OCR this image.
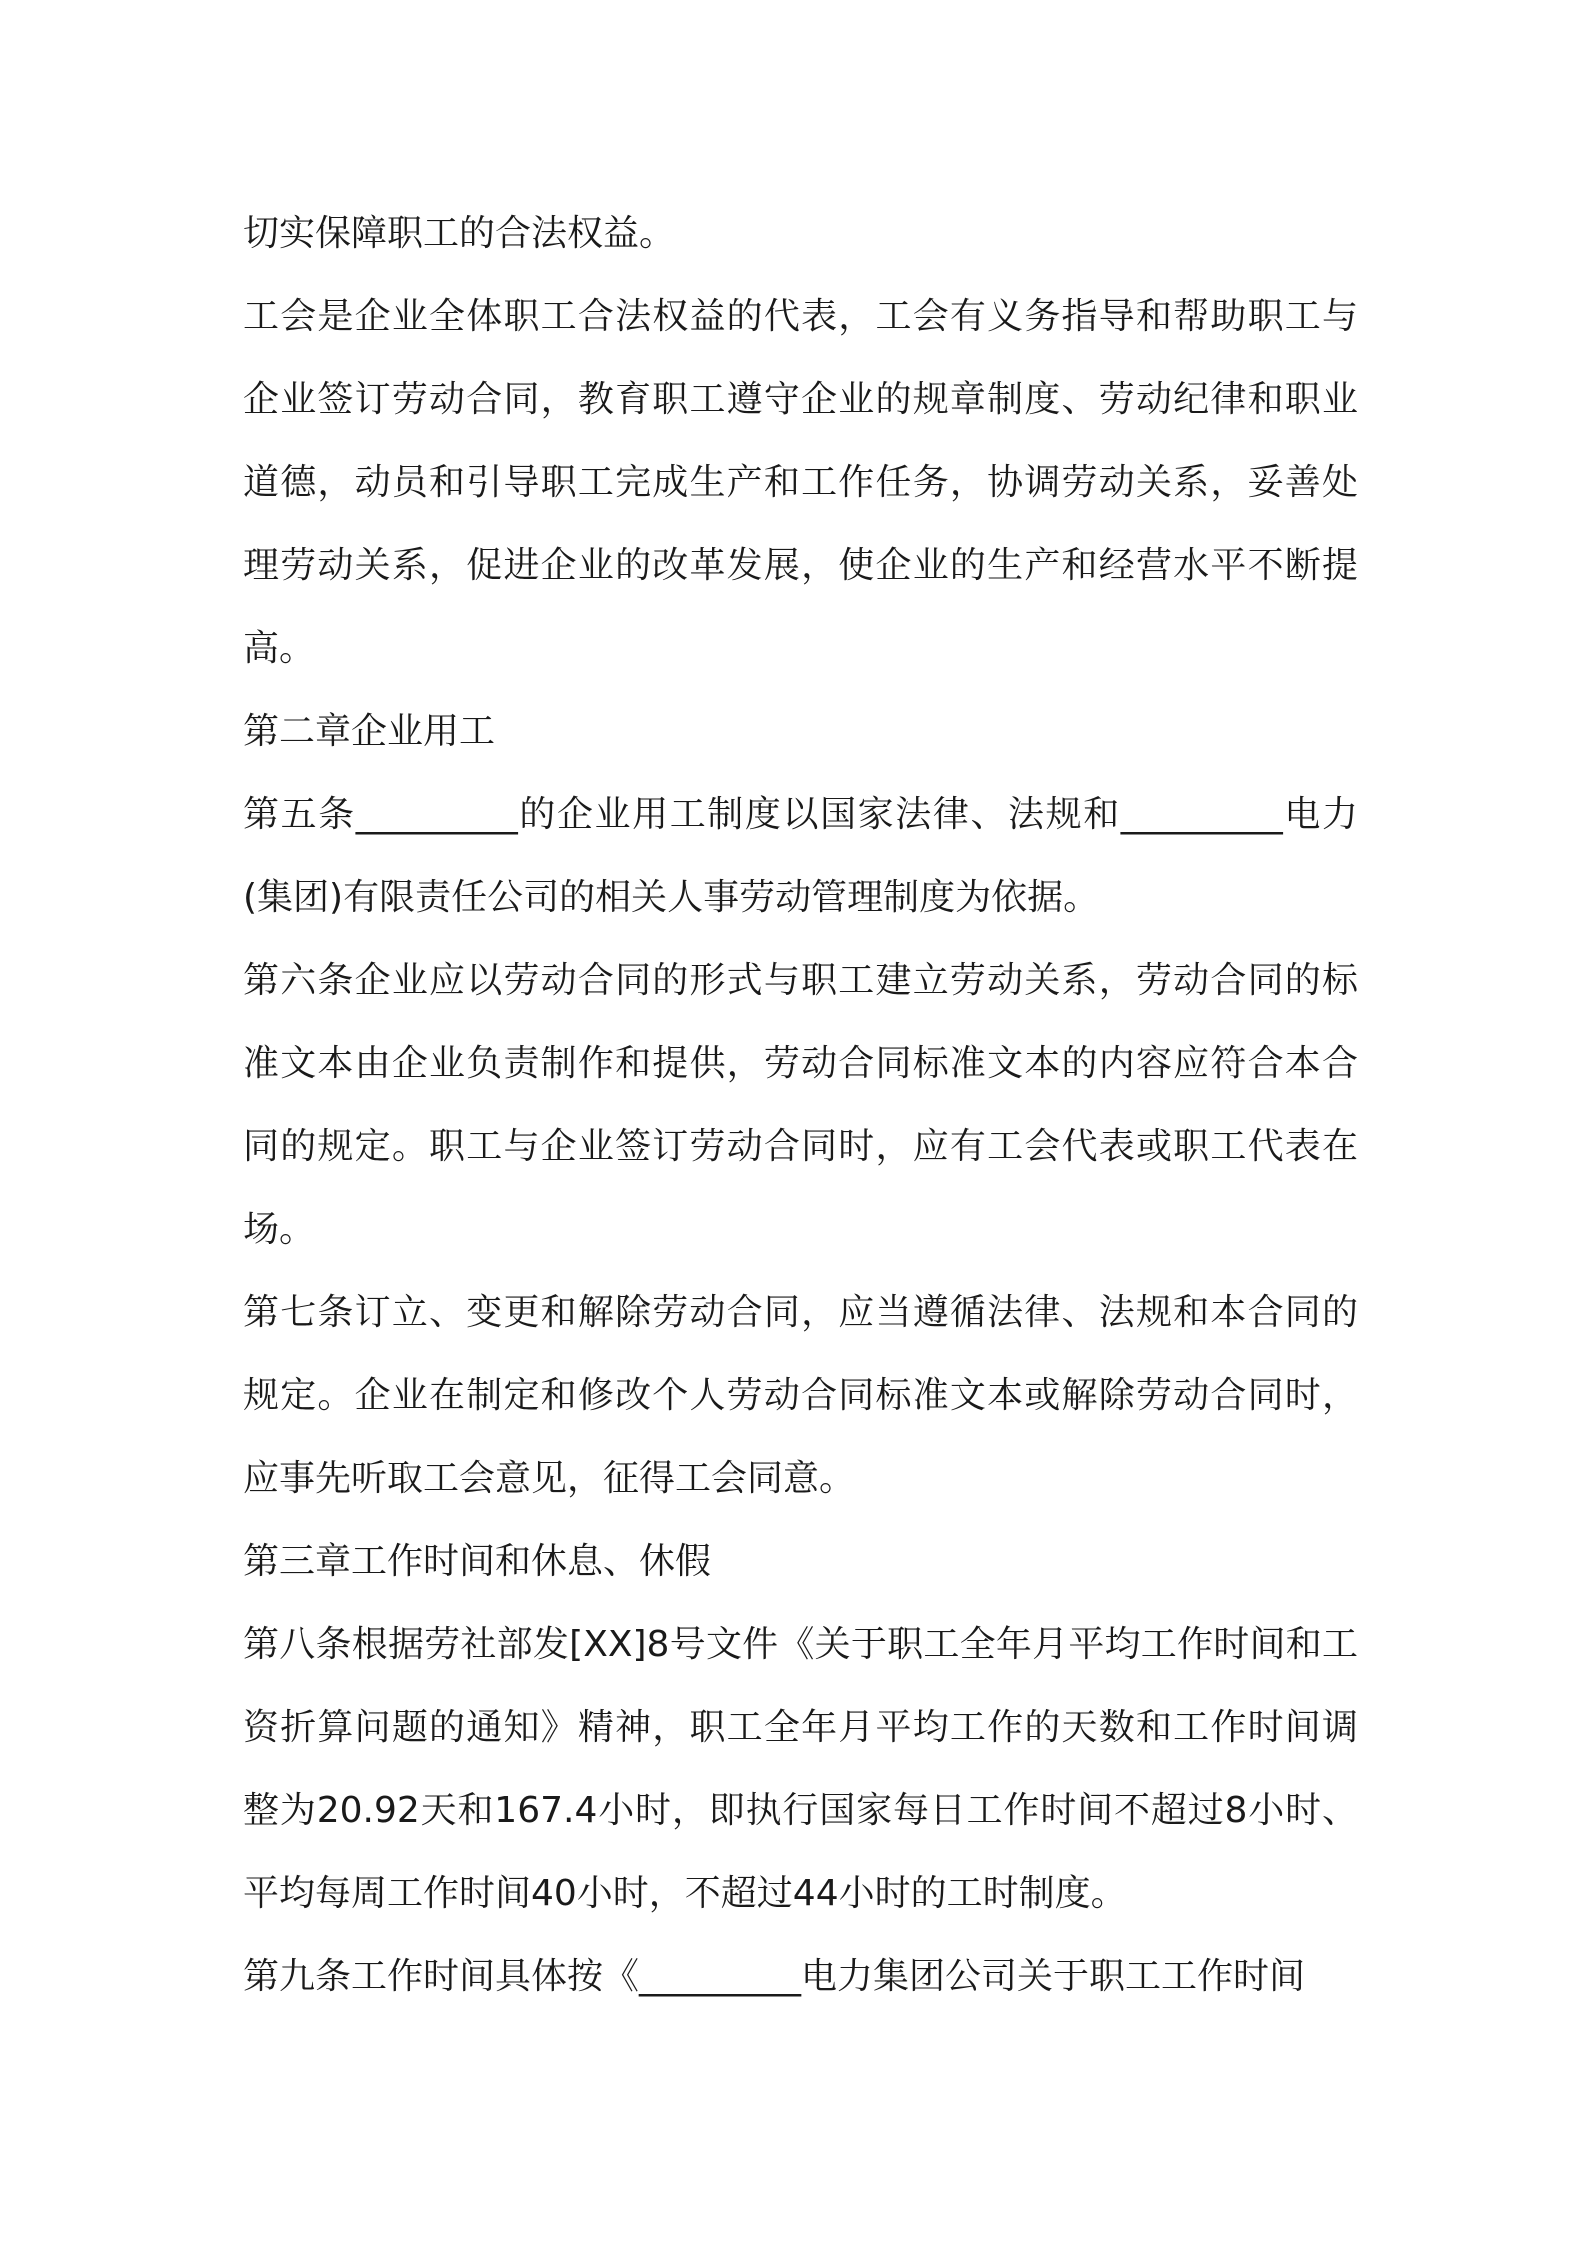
切实保障职工的合法权益。

工会是企业全体职工合法权益的代表，工会有义务指导和帮助职工与企业签订劳动合同，教育职工遵守企业的规章制度、劳动纪律和职业道德，动员和引导职工完成生产和工作任务，协调劳动关系，妥善处理劳动关系，促进企业的改革发展，使企业的生产和经营水平不断提高。

第二章企业用工

第五条_________的企业用工制度以国家法律、法规和_________电力(集团)有限责任公司的相关人事劳动管理制度为依据。

第六条企业应以劳动合同的形式与职工建立劳动关系，劳动合同的标准文本由企业负责制作和提供，劳动合同标准文本的内容应符合本合同的规定。职工与企业签订劳动合同时，应有工会代表或职工代表在场。

第七条订立、变更和解除劳动合同，应当遵循法律、法规和本合同的规定。企业在制定和修改个人劳动合同标准文本或解除劳动合同时，应事先听取工会意见，征得工会同意。

第三章工作时间和休息、休假

第八条根据劳社部发[XX]8号文件《关于职工全年月平均工作时间和工资折算问题的通知》精神，职工全年月平均工作的天数和工作时间调整为20.92天和167.4小时，即执行国家每日工作时间不超过8小时、平均每周工作时间40小时，不超过44小时的工时制度。

第九条工作时间具体按《_________电力集团公司关于职工工作时间
